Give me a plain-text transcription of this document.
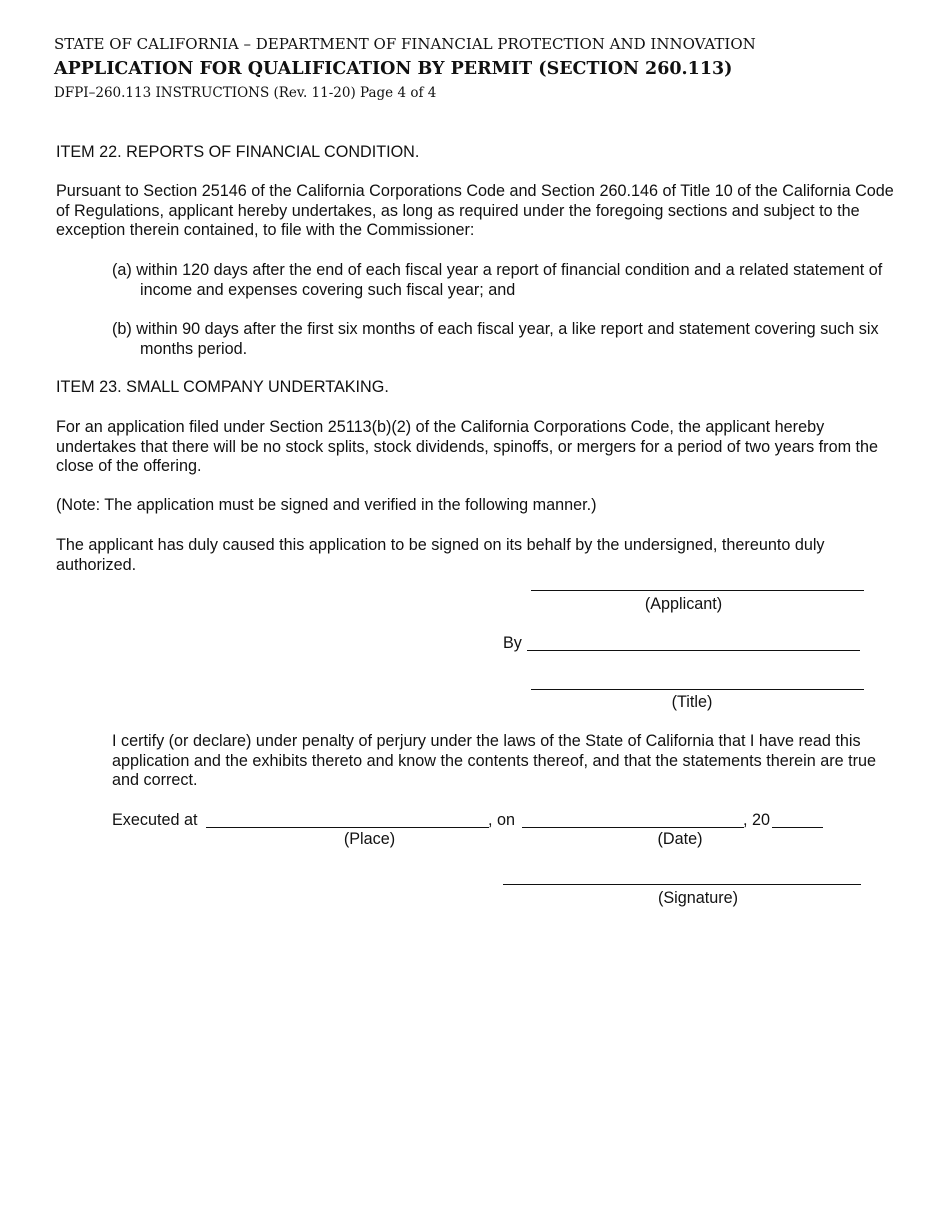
STATE OF CALIFORNIA – DEPARTMENT OF FINANCIAL PROTECTION AND INNOVATION
APPLICATION FOR QUALIFICATION BY PERMIT (SECTION 260.113)
DFPI–260.113 INSTRUCTIONS (Rev. 11-20) Page 4 of 4
ITEM 22. REPORTS OF FINANCIAL CONDITION.
Pursuant to Section 25146 of the California Corporations Code and Section 260.146 of Title 10 of the California Code of Regulations, applicant hereby undertakes, as long as required under the foregoing sections and subject to the exception therein contained, to file with the Commissioner:
(a) within 120 days after the end of each fiscal year a report of financial condition and a related statement of income and expenses covering such fiscal year; and
(b) within 90 days after the first six months of each fiscal year, a like report and statement covering such six months period.
ITEM 23. SMALL COMPANY UNDERTAKING.
For an application filed under Section 25113(b)(2) of the California Corporations Code, the applicant hereby undertakes that there will be no stock splits, stock dividends, spinoffs, or mergers for a period of two years from the close of the offering.
(Note: The application must be signed and verified in the following manner.)
The applicant has duly caused this application to be signed on its behalf by the undersigned, thereunto duly authorized.
(Applicant)
By
(Title)
I certify (or declare) under penalty of perjury under the laws of the State of California that I have read this application and the exhibits thereto and know the contents thereof, and that the statements therein are true and correct.
Executed at	, on	, 20
(Place)	(Date)
(Signature)
